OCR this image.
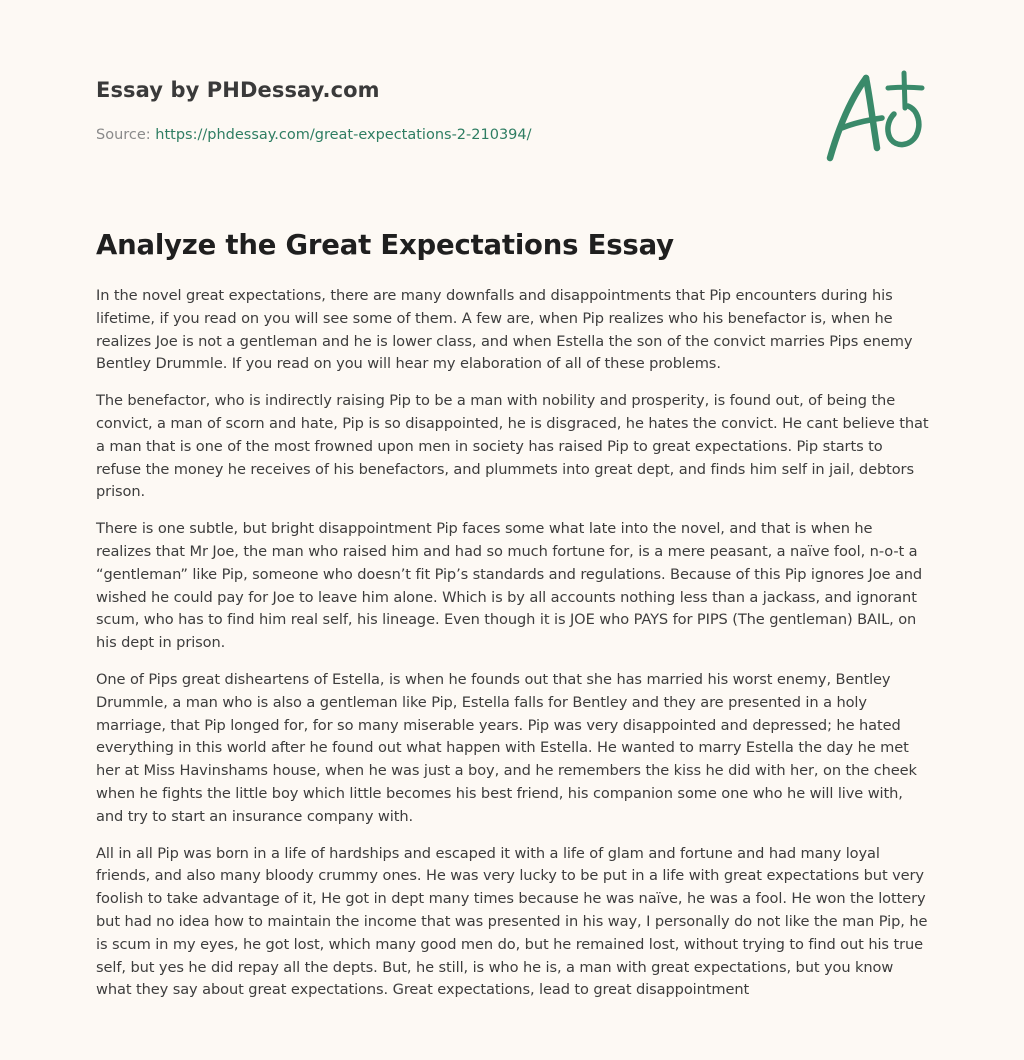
Essay by PHDessay.com
Source: https://phdessay.com/great-expectations-2-210394/
Analyze the Great Expectations Essay

In the novel great expectations, there are many downfalls and disappointments that Pip encounters during his lifetime, if you read on you will see some of them. A few are, when Pip realizes who his benefactor is, when he realizes Joe is not a gentleman and he is lower class, and when Estella the son of the convict marries Pips enemy Bentley Drummle. If you read on you will hear my elaboration of all of these problems.

The benefactor, who is indirectly raising Pip to be a man with nobility and prosperity, is found out, of being the convict, a man of scorn and hate, Pip is so disappointed, he is disgraced, he hates the convict. He cant believe that a man that is one of the most frowned upon men in society has raised Pip to great expectations. Pip starts to refuse the money he receives of his benefactors, and plummets into great dept, and finds him self in jail, debtors prison.

There is one subtle, but bright disappointment Pip faces some what late into the novel, and that is when he realizes that Mr Joe, the man who raised him and had so much fortune for, is a mere peasant, a naïve fool, n-o-t a “gentleman” like Pip, someone who doesn’t fit Pip’s standards and regulations. Because of this Pip ignores Joe and wished he could pay for Joe to leave him alone. Which is by all accounts nothing less than a jackass, and ignorant scum, who has to find him real self, his lineage. Even though it is JOE who PAYS for PIPS (The gentleman) BAIL, on his dept in prison.

One of Pips great disheartens of Estella, is when he founds out that she has married his worst enemy, Bentley Drummle, a man who is also a gentleman like Pip, Estella falls for Bentley and they are presented in a holy marriage, that Pip longed for, for so many miserable years. Pip was very disappointed and depressed; he hated everything in this world after he found out what happen with Estella. He wanted to marry Estella the day he met her at Miss Havinshams house, when he was just a boy, and he remembers the kiss he did with her, on the cheek when he fights the little boy which little becomes his best friend, his companion some one who he will live with, and try to start an insurance company with.

All in all Pip was born in a life of hardships and escaped it with a life of glam and fortune and had many loyal friends, and also many bloody crummy ones. He was very lucky to be put in a life with great expectations but very foolish to take advantage of it, He got in dept many times because he was naïve, he was a fool. He won the lottery but had no idea how to maintain the income that was presented in his way, I personally do not like the man Pip, he is scum in my eyes, he got lost, which many good men do, but he remained lost, without trying to find out his true self, but yes he did repay all the depts. But, he still, is who he is, a man with great expectations, but you know what they say about great expectations. Great expectations, lead to great disappointment
